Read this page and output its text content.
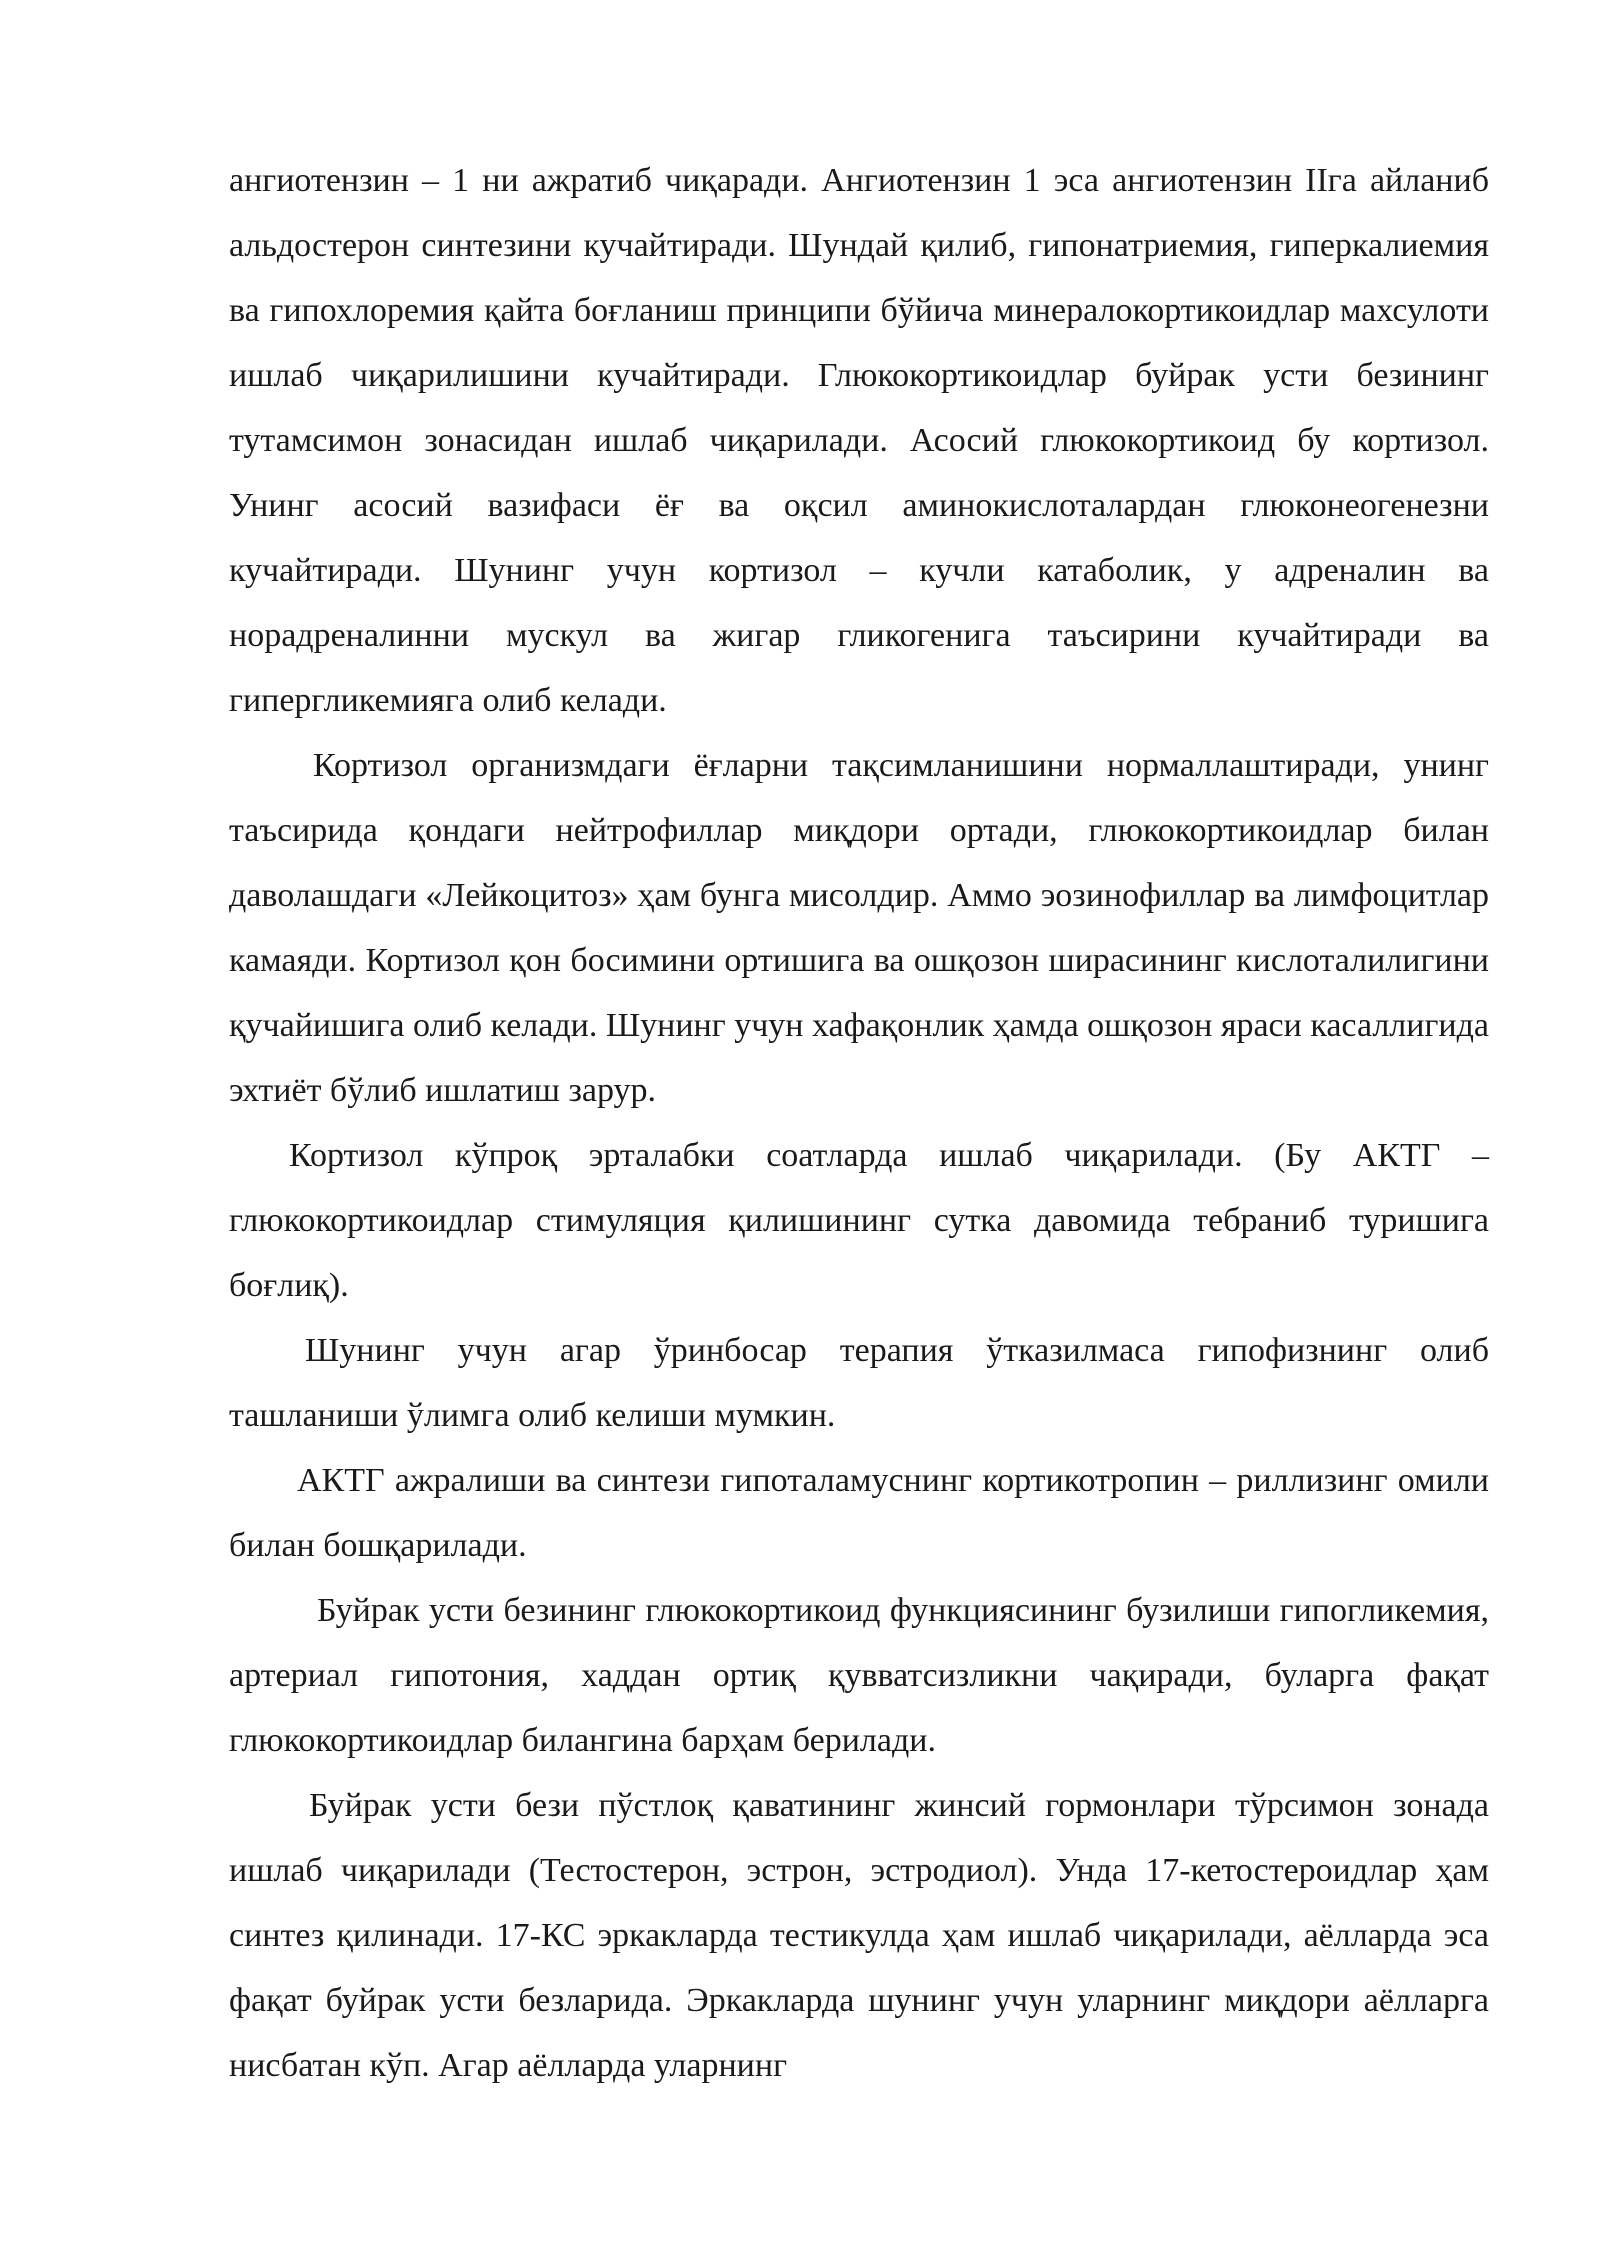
ангиотензин – 1 ни ажратиб чиқаради. Ангиотензин 1 эса ангиотензин IIга айланиб альдостерон синтезини кучайтиради. Шундай қилиб, гипонатриемия, гиперкалиемия ва гипохлоремия қайта боғланиш принципи бўйича минералокортикоидлар махсулоти ишлаб чиқарилишини кучайтиради. Глюкокортикоидлар буйрак усти безининг тутамсимон зонасидан ишлаб чиқарилади. Асосий глюкокортикоид бу кортизол. Унинг асосий вазифаси ёғ ва оқсил аминокислоталардан глюконеогенезни кучайтиради. Шунинг учун кортизол – кучли катаболик, у адреналин ва норадреналинни мускул ва жигар гликогенига таъсирини кучайтиради ва гипергликемияга олиб келади.

Кортизол организмдаги ёғларни тақсимланишини нормаллаштиради, унинг таъсирида қондаги нейтрофиллар миқдори ортади, глюкокортикоидлар билан даволашдаги «Лейкоцитоз» ҳам бунга мисолдир. Аммо эозинофиллар ва лимфоцитлар камаяди. Кортизол қон босимини ортишига ва ошқозон ширасининг кислоталилигини қучайишига олиб келади. Шунинг учун хафақонлик ҳамда ошқозон яраси касаллигида эхтиёт бўлиб ишлатиш зарур.

Кортизол кўпроқ эрталабки соатларда ишлаб чиқарилади. (Бу АКТГ – глюкокортикоидлар стимуляция қилишининг сутка давомида тебраниб туришига боғлиқ).

Шунинг учун агар ўринбосар терапия ўтказилмаса гипофизнинг олиб ташланиши ўлимга олиб келиши мумкин.

АКТГ ажралиши ва синтези гипоталамуснинг кортикотропин – риллизинг омили билан бошқарилади.

Буйрак усти безининг глюкокортикоид функциясининг бузилиши гипогликемия, артериал гипотония, хаддан ортиқ қувватсизликни чақиради, буларга фақат глюкокортикоидлар билангина барҳам берилади.

Буйрак усти бези пўстлоқ қаватининг жинсий гормонлари тўрсимон зонада ишлаб чиқарилади (Тестостерон, эстрон, эстродиол). Унда 17-кетостероидлар ҳам синтез қилинади. 17-КС эркакларда тестикулда ҳам ишлаб чиқарилади, аёлларда эса фақат буйрак усти безларида. Эркакларда шунинг учун уларнинг миқдори аёлларга нисбатан кўп. Агар аёлларда уларнинг
